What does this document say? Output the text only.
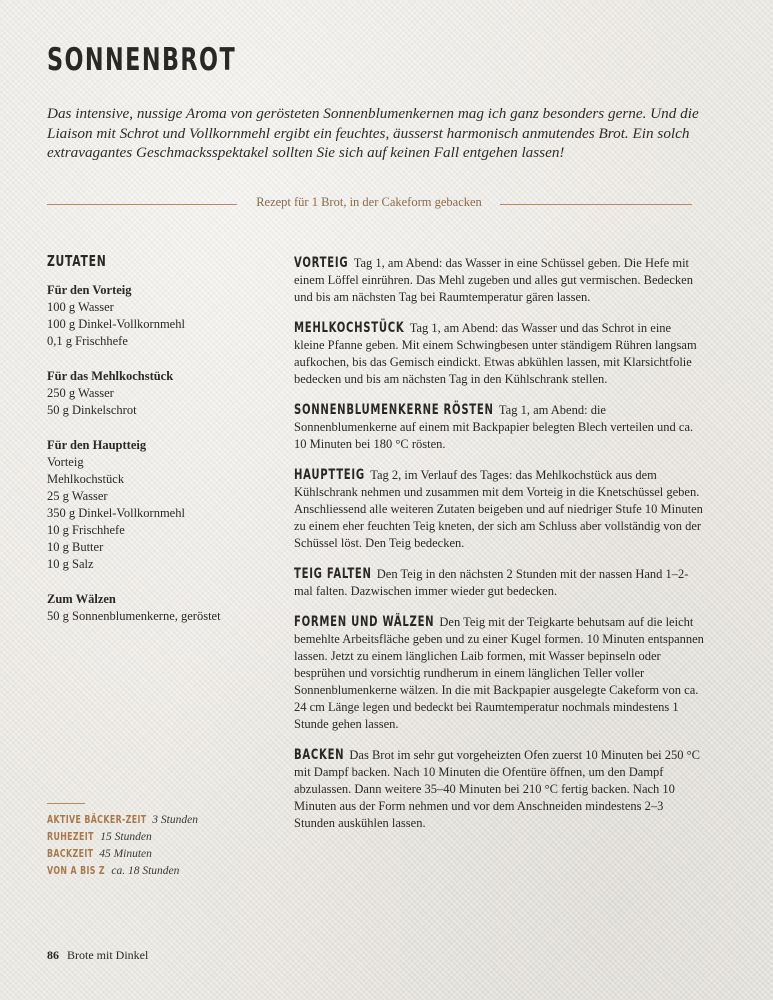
SONNENBROT

Das intensive, nussige Aroma von gerösteten Sonnenblumenkernen mag ich ganz besonders gerne. Und die Liaison mit Schrot und Vollkornmehl ergibt ein feuchtes, äusserst harmonisch anmutendes Brot. Ein solch extravagantes Geschmacksspektakel sollten Sie sich auf keinen Fall entgehen lassen!

Rezept für 1 Brot, in der Cakeform gebacken
ZUTATEN
Für den Vorteig
100 g Wasser
100 g Dinkel-Vollkornmehl
0,1 g Frischhefe
Für das Mehlkochstück
250 g Wasser
50 g Dinkelschrot
Für den Hauptteig
Vorteig
Mehlkochstück
25 g Wasser
350 g Dinkel-Vollkornmehl
10 g Frischhefe
10 g Butter
10 g Salz
Zum Wälzen
50 g Sonnenblumenkerne, geröstet

VORTEIG Tag 1, am Abend: das Wasser in eine Schüssel geben. Die Hefe mit einem Löffel einrühren. Das Mehl zugeben und alles gut vermischen. Bedecken und bis am nächsten Tag bei Raumtemperatur gären lassen.

MEHLKOCHSTÜCK Tag 1, am Abend: das Wasser und das Schrot in eine kleine Pfanne geben. Mit einem Schwingbesen unter ständigem Rühren langsam aufkochen, bis das Gemisch eindickt. Etwas abkühlen lassen, mit Klarsichtfolie bedecken und bis am nächsten Tag in den Kühlschrank stellen.

SONNENBLUMENKERNE RÖSTEN Tag 1, am Abend: die Sonnenblumenkerne auf einem mit Backpapier belegten Blech verteilen und ca. 10 Minuten bei 180 °C rösten.

HAUPTTEIG Tag 2, im Verlauf des Tages: das Mehlkochstück aus dem Kühlschrank nehmen und zusammen mit dem Vorteig in die Knetschüssel geben. Anschliessend alle weiteren Zutaten beigeben und auf niedriger Stufe 10 Minuten zu einem eher feuchten Teig kneten, der sich am Schluss aber vollständig von der Schüssel löst. Den Teig bedecken.

TEIG FALTEN Den Teig in den nächsten 2 Stunden mit der nassen Hand 1–2-mal falten. Dazwischen immer wieder gut bedecken.

FORMEN UND WÄLZEN Den Teig mit der Teigkarte behutsam auf die leicht bemehlte Arbeitsfläche geben und zu einer Kugel formen. 10 Minuten entspannen lassen. Jetzt zu einem länglichen Laib formen, mit Wasser bepinseln oder besprühen und vorsichtig rundherum in einem länglichen Teller voller Sonnenblumenkerne wälzen. In die mit Backpapier ausgelegte Cakeform von ca. 24 cm Länge legen und bedeckt bei Raumtemperatur nochmals mindestens 1 Stunde gehen lassen.

BACKEN Das Brot im sehr gut vorgeheizten Ofen zuerst 10 Minuten bei 250 °C mit Dampf backen. Nach 10 Minuten die Ofentüre öffnen, um den Dampf abzulassen. Dann weitere 35–40 Minuten bei 210 °C fertig backen. Nach 10 Minuten aus der Form nehmen und vor dem Anschneiden mindestens 2–3 Stunden auskühlen lassen.

AKTIVE BÄCKER-ZEIT 3 Stunden
RUHEZEIT 15 Stunden
BACKZEIT 45 Minuten
VON A BIS Z ca. 18 Stunden
86 Brote mit Dinkel
